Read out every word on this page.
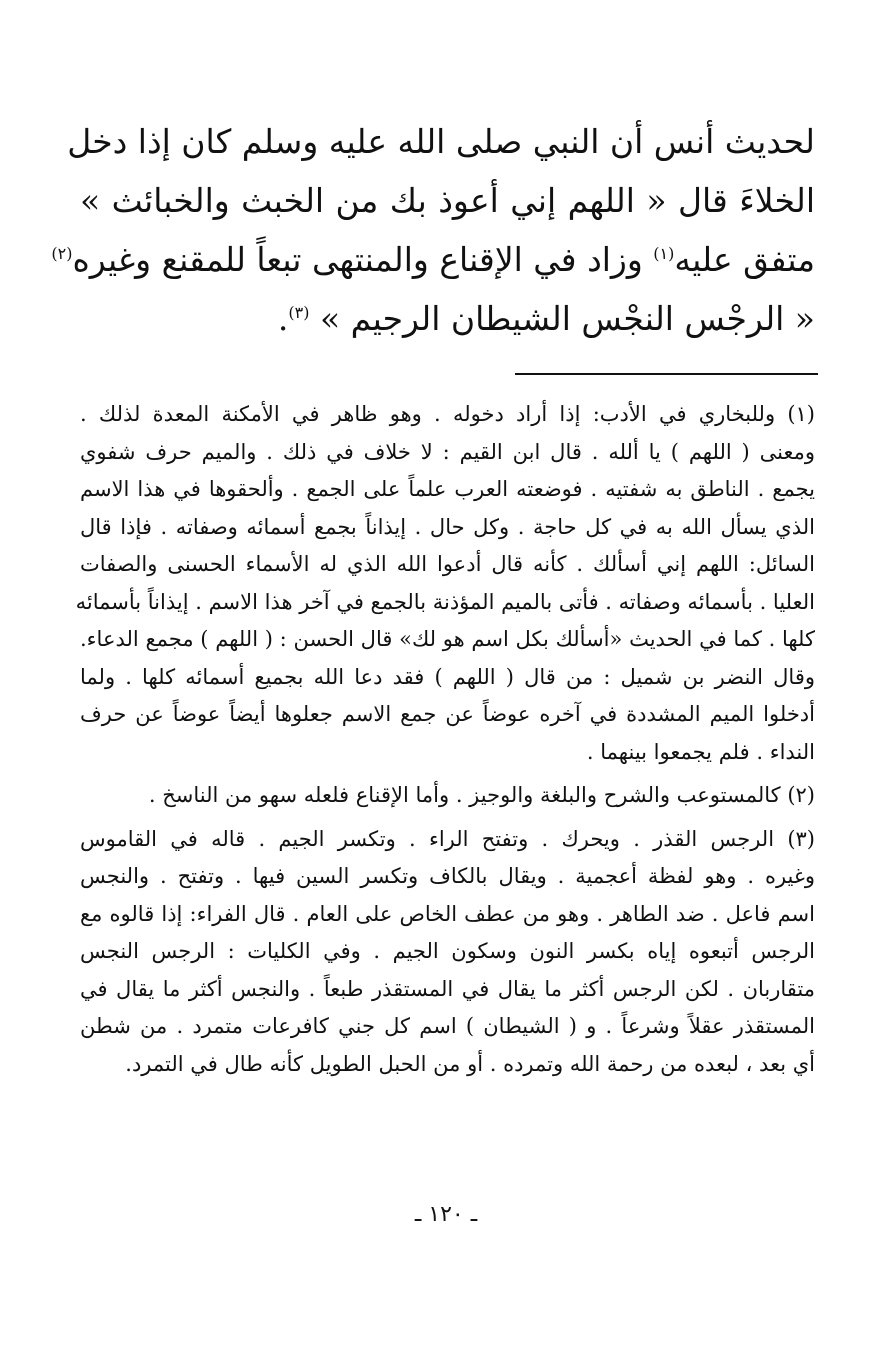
لحديث أنس أن النبي صلى الله عليه وسلم كان إذا دخل
الخلاءَ قال « اللهم إني أعوذ بك من الخبث والخبائث »
متفق عليه$^{(١)}$ وزاد في الإقناع والمنتهى تبعاً للمقنع وغيره$^{(٢)}$
« الرجْس النجْس الشيطان الرجيم » $^{(٣)}$.
(١) وللبخاري في الأدب: إذا أراد دخوله . وهو ظاهر في الأمكنة المعدة لذلك .
ومعنى ( اللهم ) يا ألله . قال ابن القيم : لا خلاف في ذلك . والميم حرف شفوي
يجمع . الناطق به شفتيه . فوضعته العرب علماً على الجمع . وألحقوها في هذا الاسم
الذي يسأل الله به في كل حاجة . وكل حال . إيذاناً بجمع أسمائه وصفاته . فإذا قال
السائل: اللهم إني أسألك . كأنه قال أدعوا الله الذي له الأسماء الحسنى والصفات
العليا . بأسمائه وصفاته . فأتى بالميم المؤذنة بالجمع في آخر هذا الاسم . إيذاناً بأسمائه
كلها . كما في الحديث «أسألك بكل اسم هو لك» قال الحسن : ( اللهم ) مجمع الدعاء.
وقال النضر بن شميل : من قال ( اللهم ) فقد دعا الله بجميع أسمائه كلها . ولما
أدخلوا الميم المشددة في آخره عوضاً عن جمع الاسم جعلوها أيضاً عوضاً عن حرف
النداء . فلم يجمعوا بينهما .
(٢) كالمستوعب والشرح والبلغة والوجيز . وأما الإقناع فلعله سهو من الناسخ .
(٣) الرجس القذر . ويحرك . وتفتح الراء . وتكسر الجيم . قاله في القاموس
وغيره . وهو لفظة أعجمية . ويقال بالكاف وتكسر السين فيها . وتفتح . والنجس
اسم فاعل . ضد الطاهر . وهو من عطف الخاص على العام . قال الفراء: إذا قالوه مع
الرجس أتبعوه إياه بكسر النون وسكون الجيم . وفي الكليات : الرجس النجس
متقاربان . لكن الرجس أكثر ما يقال في المستقذر طبعاً . والنجس أكثر ما يقال في
المستقذر عقلاً وشرعاً . و ( الشيطان ) اسم كل جني كافرعات متمرد . من شطن
أي بعد ، لبعده من رحمة الله وتمرده . أو من الحبل الطويل كأنه طال في التمرد.
ـ ١٢٠ ـ
